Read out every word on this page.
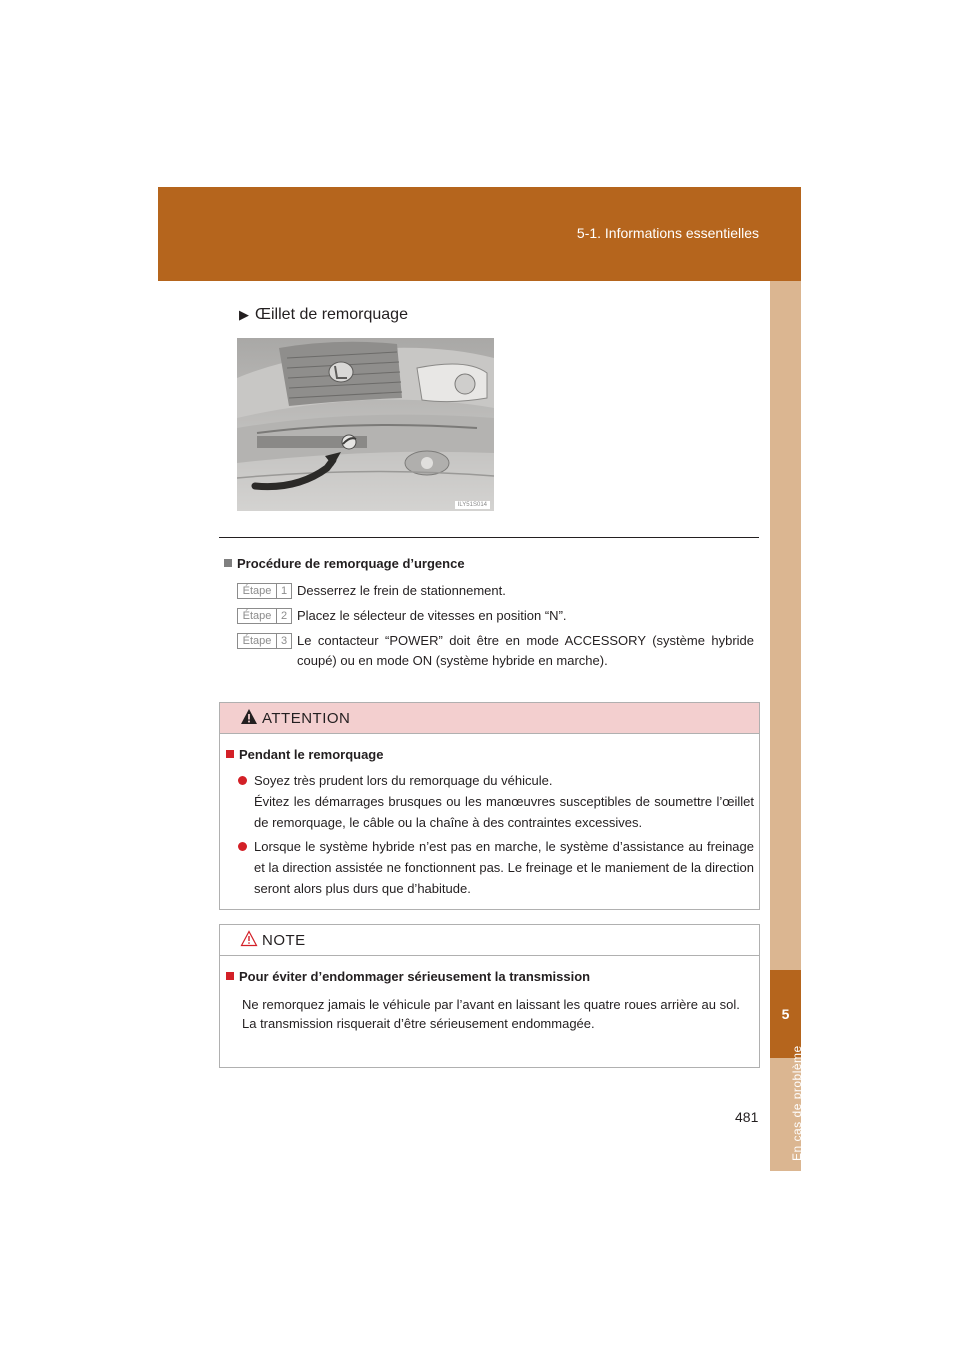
5-1. Informations essentielles
5
En cas de problème
▶ Œillet de remorquage
ILY51S014
Procédure de remorquage d’urgence
Étape 1 Desserrez le frein de stationnement.
Étape 2 Placez le sélecteur de vitesses en position “N”.
Étape 3 Le contacteur “POWER” doit être en mode ACCESSORY (système hybride coupé) ou en mode ON (système hybride en marche).
ATTENTION
Pendant le remorquage
Soyez très prudent lors du remorquage du véhicule.
Évitez les démarrages brusques ou les manœuvres susceptibles de soumettre l’œillet de remorquage, le câble ou la chaîne à des contraintes excessives.
Lorsque le système hybride n’est pas en marche, le système d’assistance au freinage et la direction assistée ne fonctionnent pas. Le freinage et le maniement de la direction seront alors plus durs que d’habitude.
NOTE
Pour éviter d’endommager sérieusement la transmission
Ne remorquez jamais le véhicule par l’avant en laissant les quatre roues arrière au sol.
La transmission risquerait d’être sérieusement endommagée.
481
